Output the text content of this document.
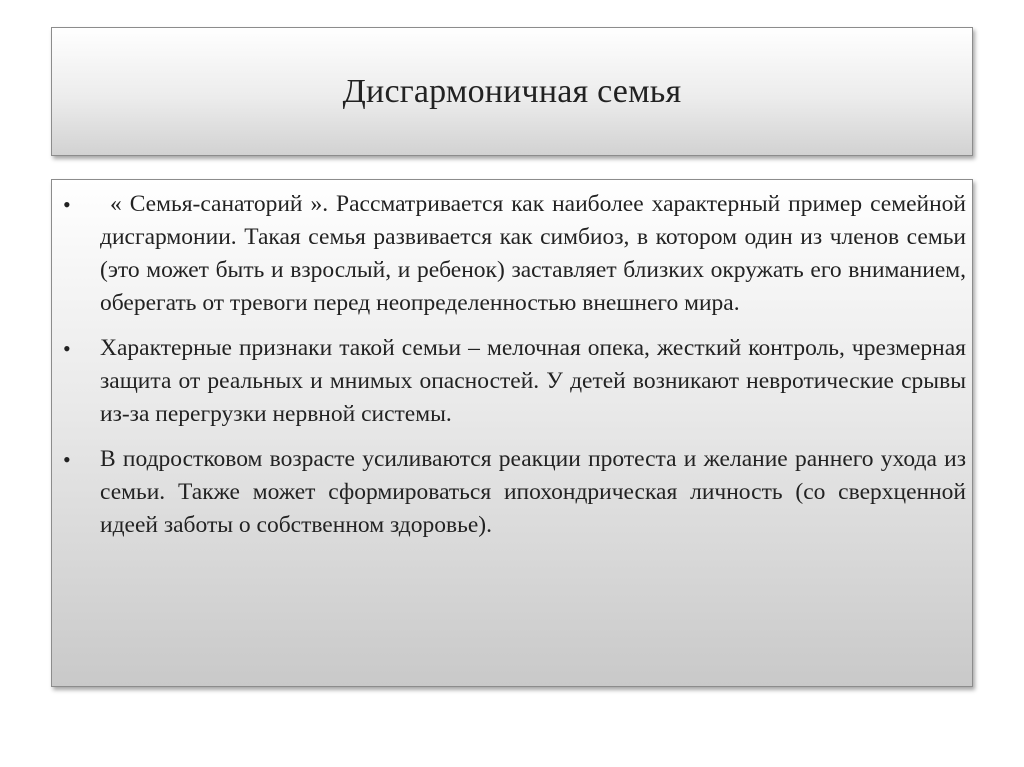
Дисгармоничная семья
•	« Семья-санаторий ». Рассматривается как наиболее характерный пример семейной дисгармонии. Такая семья развивается как симбиоз, в котором один из членов семьи (это может быть и взрослый, и ребенок) заставляет близких окружать его вниманием, оберегать от тревоги перед неопределенностью внешнего мира.
• Характерные признаки такой семьи – мелочная опека, жесткий контроль, чрезмерная защита от реальных и мнимых опасностей. У детей возникают невротические срывы из-за перегрузки нервной системы.
• В подростковом возрасте усиливаются реакции протеста и желание раннего ухода из семьи. Также может сформироваться ипохондрическая личность (со сверхценной идеей заботы о собственном здоровье).
